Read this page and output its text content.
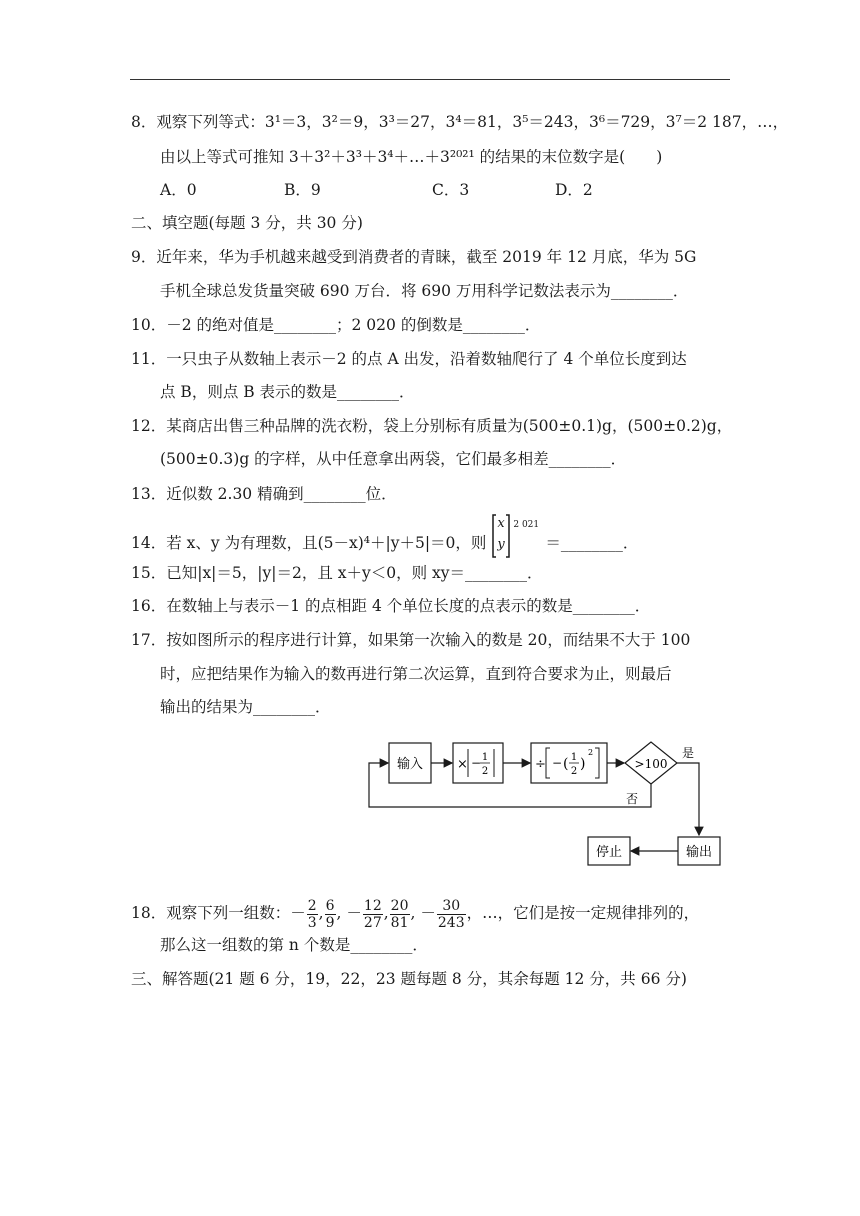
8．观察下列等式：3¹＝3，3²＝9，3³＝27，3⁴＝81，3⁵＝243，3⁶＝729，3⁷＝2 187，…，
由以上等式可推知 3＋3²＋3³＋3⁴＋…＋3²⁰²¹ 的结果的末位数字是(　　)
A．0	B．9	C．3	D．2
二、填空题(每题 3 分，共 30 分)
9．近年来，华为手机越来越受到消费者的青睐，截至 2019 年 12 月底，华为 5G
手机全球总发货量突破 690 万台．将 690 万用科学记数法表示为________．
10．－2 的绝对值是________；2 020 的倒数是________．
11．一只虫子从数轴上表示－2 的点 A 出发，沿着数轴爬行了 4 个单位长度到达
点 B，则点 B 表示的数是________．
12．某商店出售三种品牌的洗衣粉，袋上分别标有质量为(500±0.1)g，(500±0.2)g，
(500±0.3)g 的字样，从中任意拿出两袋，它们最多相差________．
13．近似数 2.30 精确到________位．
14．若 x、y 为有理数，且(5－x)⁴＋|y＋5|＝0，则
x
y
2 021
＝________．
15．已知|x|＝5，|y|＝2，且 x＋y＜0，则 xy＝________．
16．在数轴上与表示－1 的点相距 4 个单位长度的点表示的数是________．
17．按如图所示的程序进行计算，如果第一次输入的数是 20，而结果不大于 100
时，应把结果作为输入的数再进行第二次运算，直到符合要求为止，则最后
输出的结果为________．
输入	× − 1
2	÷ − ( 1
2 )
2
>100
是
否
输出
停止
18．观察下列一组数：－ $\frac{2}{3}$ , $\frac{6}{9}$ , － $\frac{12}{27}$ , $\frac{20}{81}$ , － $\frac{30}{243}$ ，…，它们是按一定规律排列的，
那么这一组数的第 n 个数是________．
三、解答题(21 题 6 分，19，22，23 题每题 8 分，其余每题 12 分，共 66 分)
